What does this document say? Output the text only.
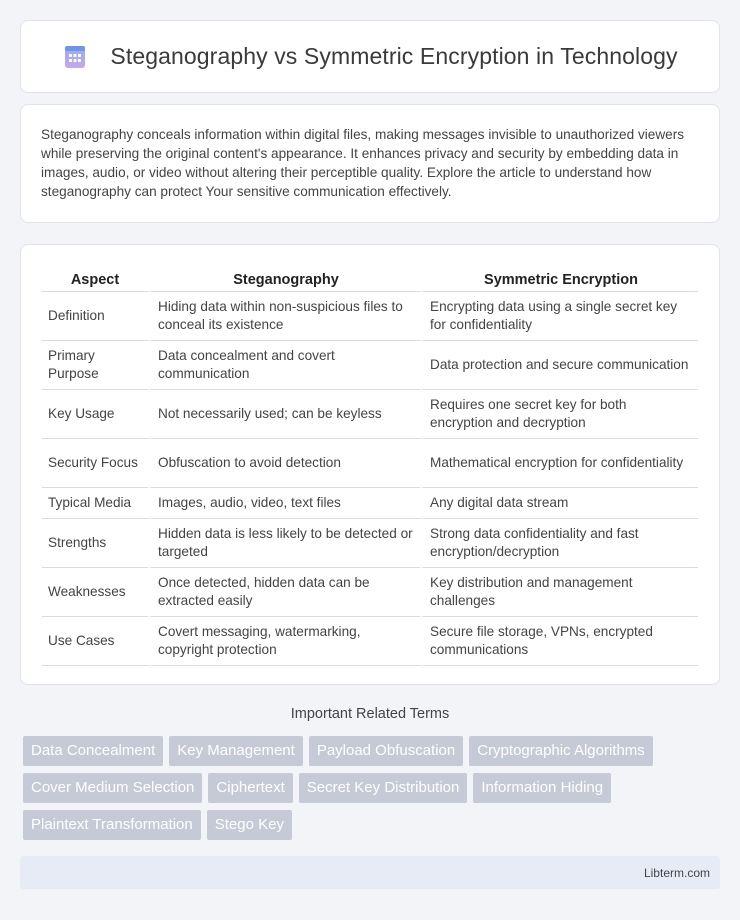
Steganography vs Symmetric Encryption in Technology

Steganography conceals information within digital files, making messages invisible to unauthorized viewers while preserving the original content's appearance. It enhances privacy and security by embedding data in images, audio, or video without altering their perceptible quality. Explore the article to understand how steganography can protect Your sensitive communication effectively.

Aspect	Steganography	Symmetric Encryption
Definition	Hiding data within non-suspicious files to conceal its existence	Encrypting data using a single secret key for confidentiality
Primary Purpose	Data concealment and covert communication	Data protection and secure communication
Key Usage	Not necessarily used; can be keyless	Requires one secret key for both encryption and decryption
Security Focus	Obfuscation to avoid detection	Mathematical encryption for confidentiality
Typical Media	Images, audio, video, text files	Any digital data stream
Strengths	Hidden data is less likely to be detected or targeted	Strong data confidentiality and fast encryption/decryption
Weaknesses	Once detected, hidden data can be extracted easily	Key distribution and management challenges
Use Cases	Covert messaging, watermarking, copyright protection	Secure file storage, VPNs, encrypted communications
Important Related Terms
Data Concealment	Key Management	Payload Obfuscation	Cryptographic Algorithms
Cover Medium Selection	Ciphertext	Secret Key Distribution	Information Hiding
Plaintext Transformation	Stego Key
Libterm.com
